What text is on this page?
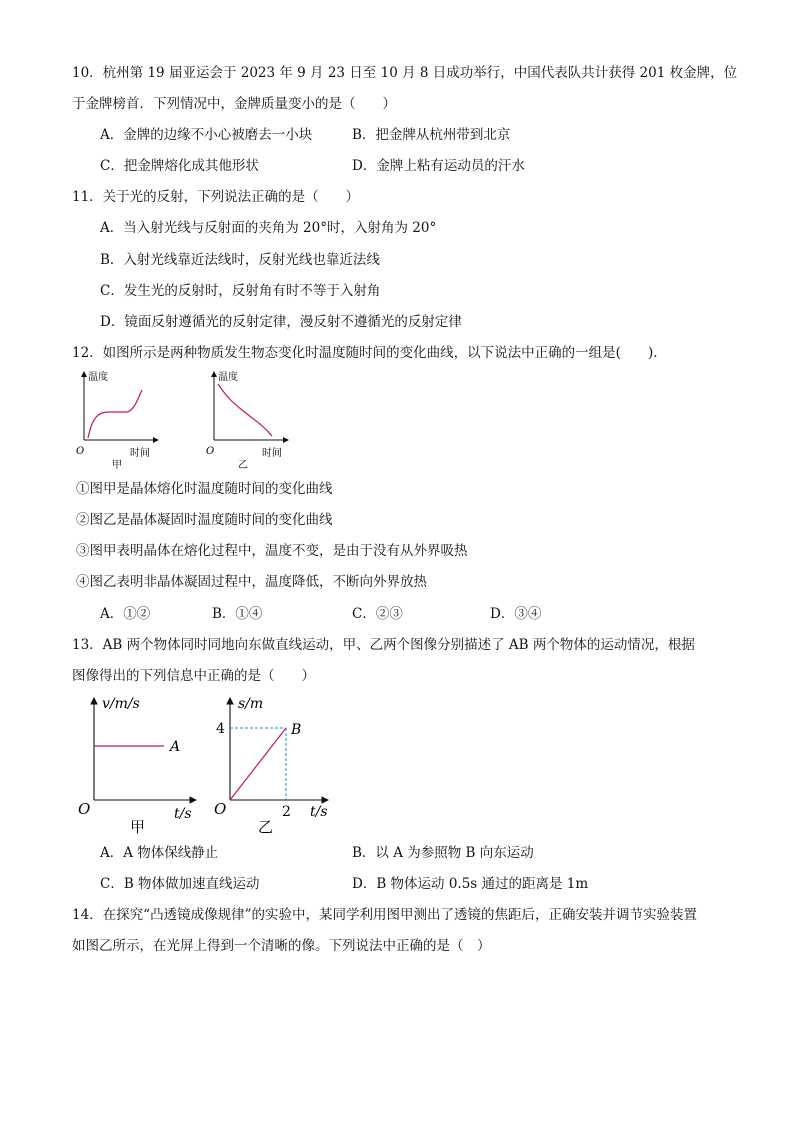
10．杭州第 19 届亚运会于 2023 年 9 月 23 日至 10 月 8 日成功举行，中国代表队共计获得 201 枚金牌，位
于金牌榜首．下列情况中，金牌质量变小的是（　　）
A．金牌的边缘不小心被磨去一小块	B．把金牌从杭州带到北京
C．把金牌熔化成其他形状	D．金牌上粘有运动员的汗水
11．关于光的反射，下列说法正确的是（　　）
A．当入射光线与反射面的夹角为 20°时，入射角为 20°
B．入射光线靠近法线时，反射光线也靠近法线
C．发生光的反射时，反射角有时不等于入射角
D．镜面反射遵循光的反射定律，漫反射不遵循光的反射定律
12．如图所示是两种物质发生物态变化时温度随时间的变化曲线，以下说法中正确的一组是(　　)．
温度
时间
O
甲
温度
时间
O
乙
①图甲是晶体熔化时温度随时间的变化曲线
②图乙是晶体凝固时温度随时间的变化曲线
③图甲表明晶体在熔化过程中，温度不变，是由于没有从外界吸热
④图乙表明非晶体凝固过程中，温度降低，不断向外界放热
A．①②	B．①④	C．②③	D．③④
13．AB 两个物体同时同地向东做直线运动，甲、乙两个图像分别描述了 AB 两个物体的运动情况，根据
图像得出的下列信息中正确的是（　　）
v/m/s
t/s
O
A
甲
s/m
t/s
O
B
4
2
乙
A．A 物体保线静止	B．以 A 为参照物 B 向东运动
C．B 物体做加速直线运动	D．B 物体运动 0.5s 通过的距离是 1m
14．在探究“凸透镜成像规律”的实验中，某同学利用图甲测出了透镜的焦距后，正确安装并调节实验装置
如图乙所示，在光屏上得到一个清晰的像。下列说法中正确的是（　）
